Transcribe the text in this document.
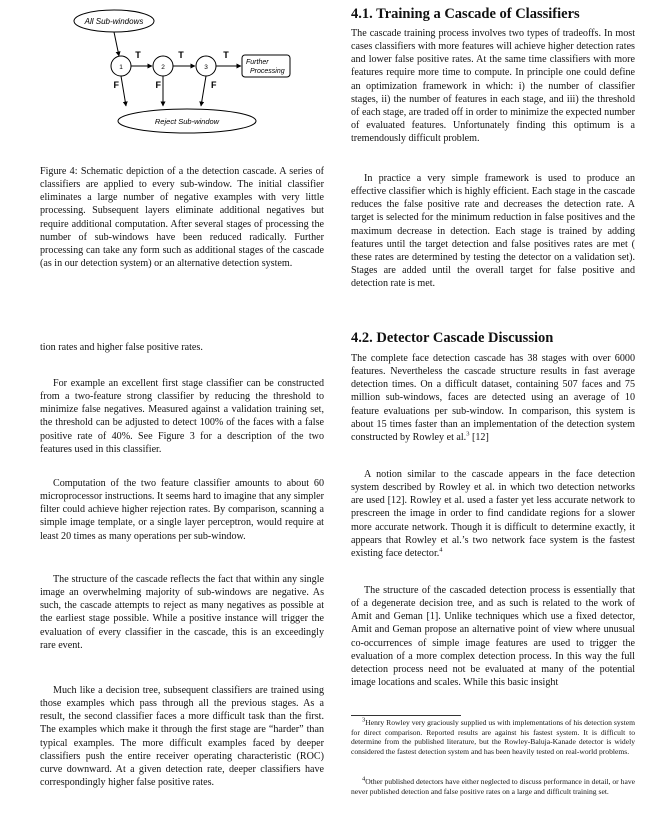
All Sub-windows
1	2	3
T	T	T
Further
Processing
F	F	F
Reject Sub-window

Figure 4: Schematic depiction of a the detection cascade. A series of classifiers are applied to every sub-window. The initial classifier eliminates a large number of negative examples with very little processing. Subsequent layers eliminate additional negatives but require additional computation. After several stages of processing the number of sub-windows have been reduced radically. Further processing can take any form such as additional stages of the cascade (as in our detection system) or an alternative detection system.

tion rates and higher false positive rates.

For example an excellent first stage classifier can be constructed from a two-feature strong classifier by reducing the threshold to minimize false negatives. Measured against a validation training set, the threshold can be adjusted to detect 100% of the faces with a false positive rate of 40%. See Figure 3 for a description of the two features used in this classifier.

Computation of the two feature classifier amounts to about 60 microprocessor instructions. It seems hard to imagine that any simpler filter could achieve higher rejection rates. By comparison, scanning a simple image template, or a single layer perceptron, would require at least 20 times as many operations per sub-window.

The structure of the cascade reflects the fact that within any single image an overwhelming majority of sub-windows are negative. As such, the cascade attempts to reject as many negatives as possible at the earliest stage possible. While a positive instance will trigger the evaluation of every classifier in the cascade, this is an exceedingly rare event.

Much like a decision tree, subsequent classifiers are trained using those examples which pass through all the previous stages. As a result, the second classifier faces a more difficult task than the first. The examples which make it through the first stage are “harder” than typical examples. The more difficult examples faced by deeper classifiers push the entire receiver operating characteristic (ROC) curve downward. At a given detection rate, deeper classifiers have correspondingly higher false positive rates.

4.1. Training a Cascade of Classifiers

The cascade training process involves two types of tradeoffs. In most cases classifiers with more features will achieve higher detection rates and lower false positive rates. At the same time classifiers with more features require more time to compute. In principle one could define an optimization framework in which: i) the number of classifier stages, ii) the number of features in each stage, and iii) the threshold of each stage, are traded off in order to minimize the expected number of evaluated features. Unfortunately finding this optimum is a tremendously difficult problem.

In practice a very simple framework is used to produce an effective classifier which is highly efficient. Each stage in the cascade reduces the false positive rate and decreases the detection rate. A target is selected for the minimum reduction in false positives and the maximum decrease in detection. Each stage is trained by adding features until the target detection and false positives rates are met ( these rates are determined by testing the detector on a validation set). Stages are added until the overall target for false positive and detection rate is met.

4.2. Detector Cascade Discussion

The complete face detection cascade has 38 stages with over 6000 features. Nevertheless the cascade structure results in fast average detection times. On a difficult dataset, containing 507 faces and 75 million sub-windows, faces are detected using an average of 10 feature evaluations per sub-window. In comparison, this system is about 15 times faster than an implementation of the detection system constructed by Rowley et al.$^3$ [12]

A notion similar to the cascade appears in the face detection system described by Rowley et al. in which two detection networks are used [12]. Rowley et al. used a faster yet less accurate network to prescreen the image in order to find candidate regions for a slower more accurate network. Though it is difficult to determine exactly, it appears that Rowley et al.’s two network face system is the fastest existing face detector.$^4$

The structure of the cascaded detection process is essentially that of a degenerate decision tree, and as such is related to the work of Amit and Geman [1]. Unlike techniques which use a fixed detector, Amit and Geman propose an alternative point of view where unusual co-occurrences of simple image features are used to trigger the evaluation of a more complex detection process. In this way the full detection process need not be evaluated at many of the potential image locations and scales. While this basic insight

$^3$Henry Rowley very graciously supplied us with implementations of his detection system for direct comparison. Reported results are against his fastest system. It is difficult to determine from the published literature, but the Rowley-Baluja-Kanade detector is widely considered the fastest detection system and has been heavily tested on real-world problems.

$^4$Other published detectors have either neglected to discuss performance in detail, or have never published detection and false positive rates on a large and difficult training set.
